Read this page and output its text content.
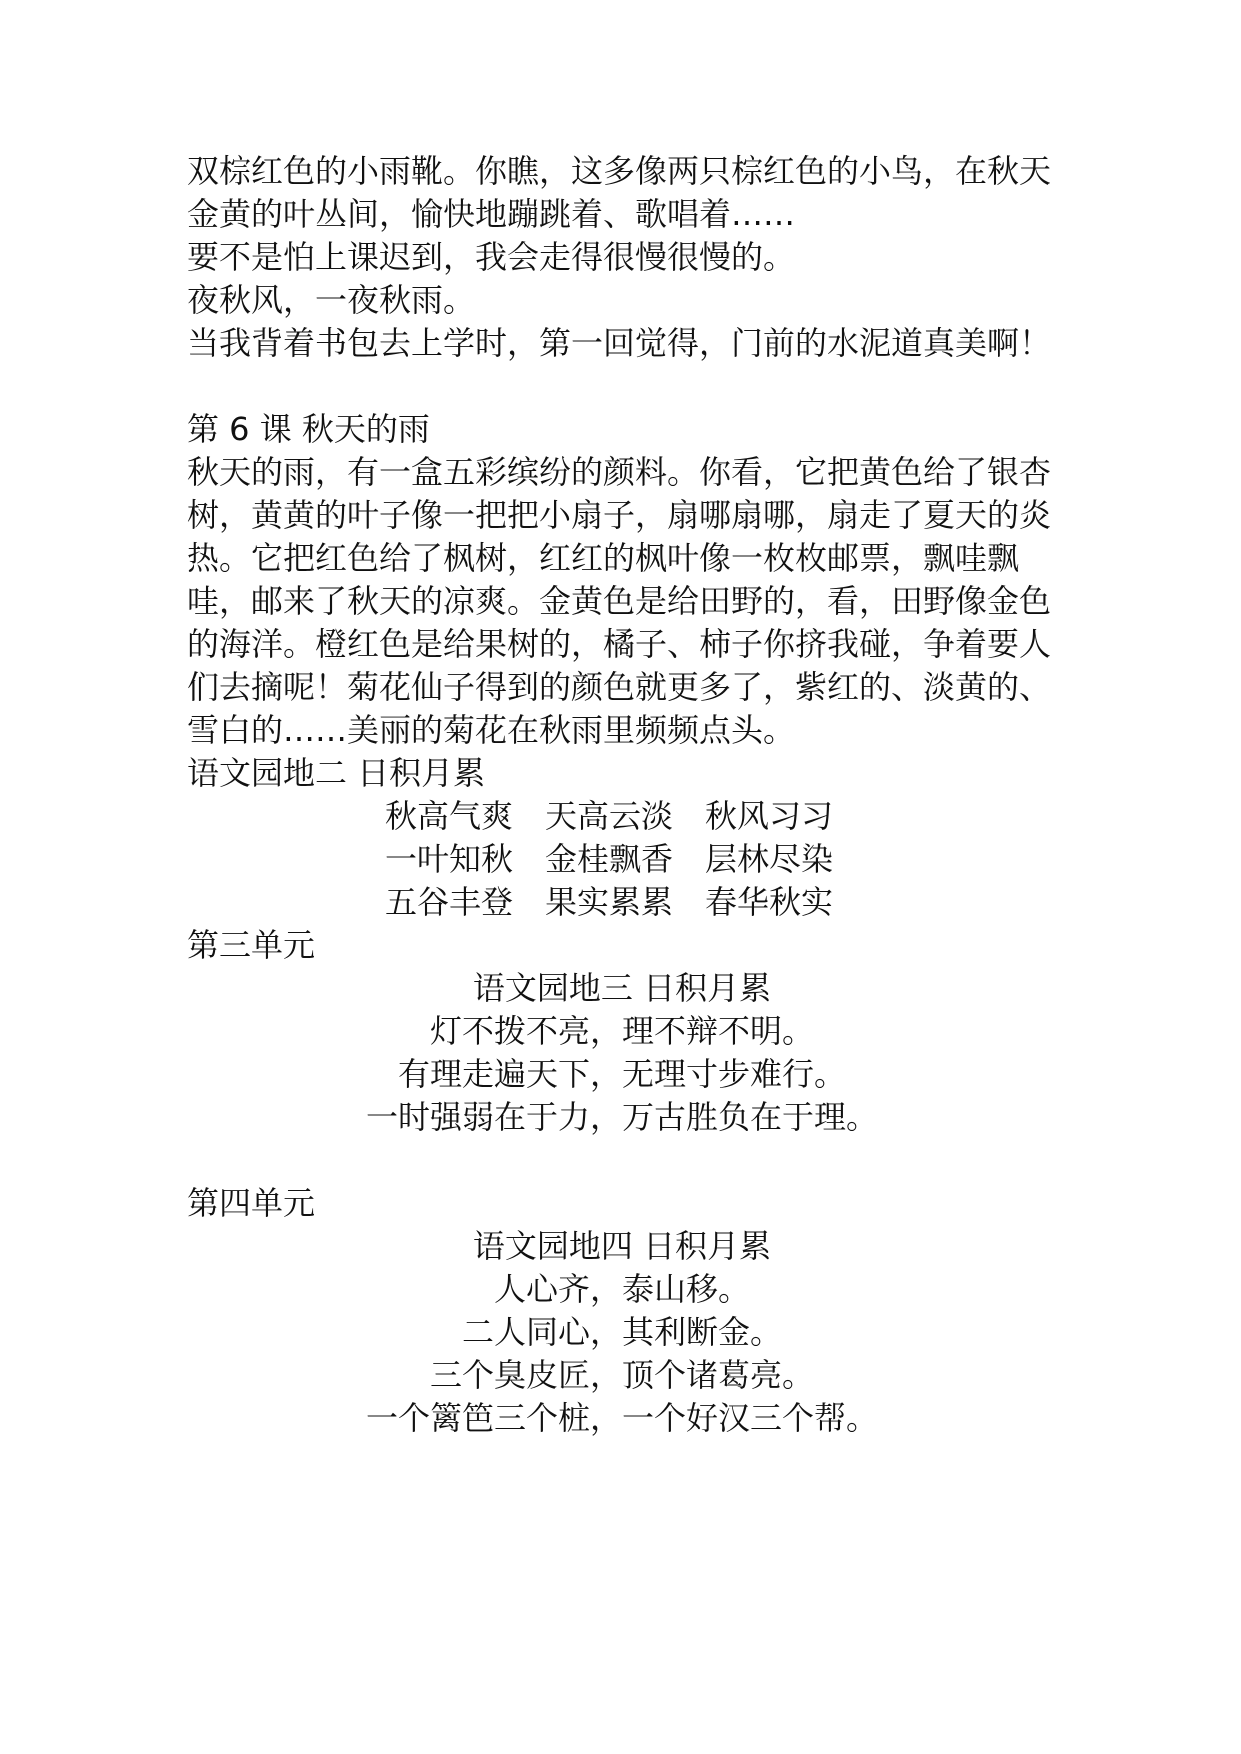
双棕红色的小雨靴。你瞧，这多像两只棕红色的小鸟，在秋天金黄的叶丛间，愉快地蹦跳着、歌唱着……

要不是怕上课迟到，我会走得很慢很慢的。

夜秋风，一夜秋雨。

当我背着书包去上学时，第一回觉得，门前的水泥道真美啊！

第 6 课 秋天的雨

秋天的雨，有一盒五彩缤纷的颜料。你看，它把黄色给了银杏树，黄黄的叶子像一把把小扇子，扇哪扇哪，扇走了夏天的炎热。它把红色给了枫树，红红的枫叶像一枚枚邮票，飘哇飘哇，邮来了秋天的凉爽。金黄色是给田野的，看，田野像金色的海洋。橙红色是给果树的，橘子、柿子你挤我碰，争着要人们去摘呢！菊花仙子得到的颜色就更多了，紫红的、淡黄的、雪白的……美丽的菊花在秋雨里频频点头。

语文园地二 日积月累

秋高气爽 天高云淡 秋风习习
一叶知秋 金桂飘香 层林尽染
五谷丰登 果实累累 春华秋实

第三单元

语文园地三 日积月累

灯不拨不亮，理不辩不明。

有理走遍天下，无理寸步难行。

一时强弱在于力，万古胜负在于理。

第四单元

语文园地四 日积月累

人心齐，泰山移。

二人同心，其利断金。

三个臭皮匠，顶个诸葛亮。

一个篱笆三个桩，一个好汉三个帮。
